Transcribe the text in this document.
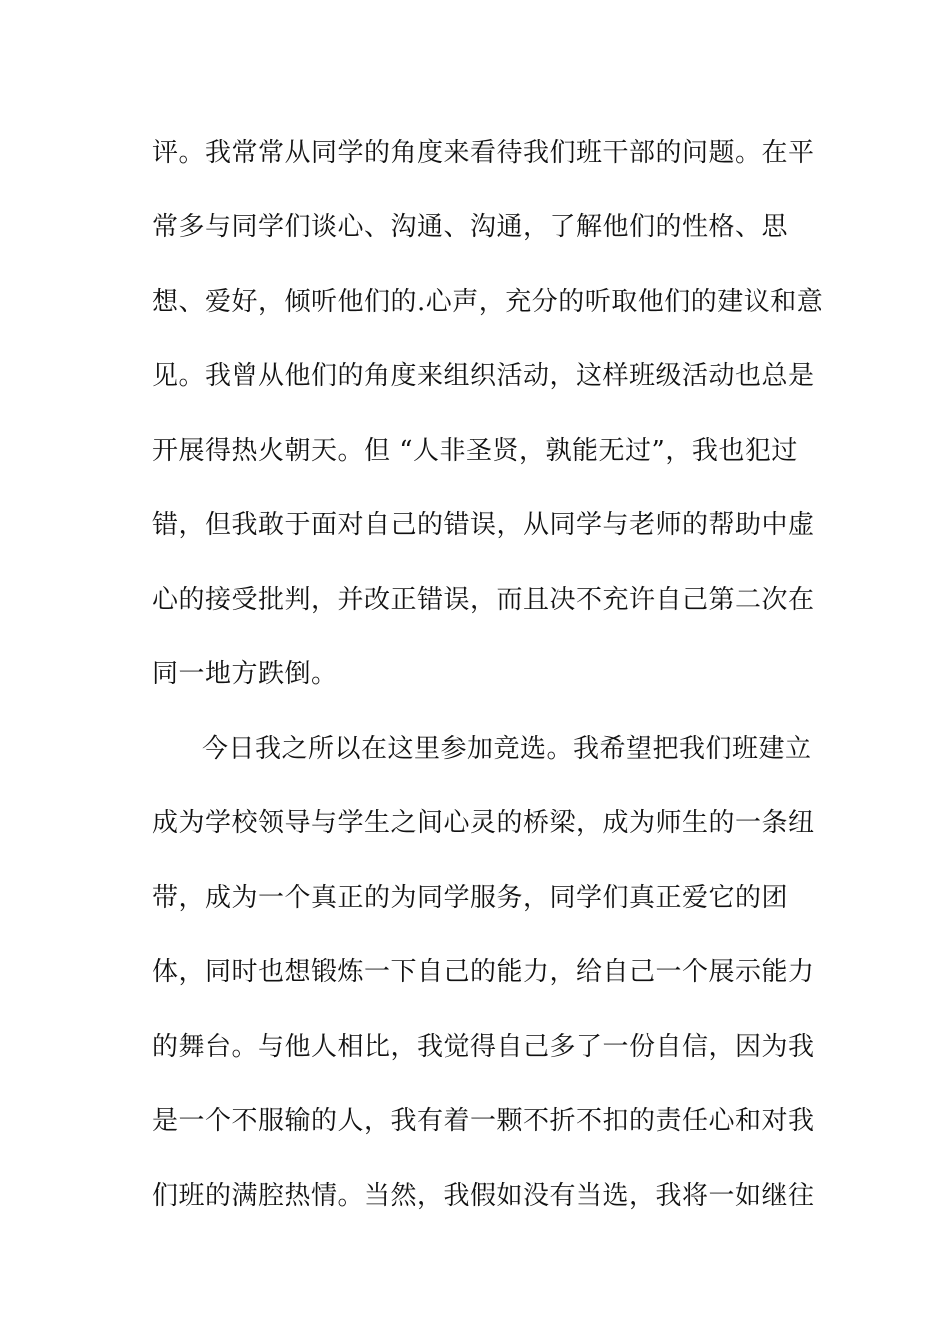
评。我常常从同学的角度来看待我们班干部的问题。在平
常多与同学们谈心、沟通、沟通，了解他们的性格、思
想、爱好，倾听他们的.心声，充分的听取他们的建议和意
见。我曾从他们的角度来组织活动，这样班级活动也总是
开展得热火朝天。但 “人非圣贤，孰能无过”，我也犯过
错，但我敢于面对自己的错误，从同学与老师的帮助中虚
心的接受批判，并改正错误，而且决不充许自己第二次在
同一地方跌倒。
今日我之所以在这里参加竞选。我希望把我们班建立
成为学校领导与学生之间心灵的桥梁，成为师生的一条纽
带，成为一个真正的为同学服务，同学们真正爱它的团
体，同时也想锻炼一下自己的能力，给自己一个展示能力
的舞台。与他人相比，我觉得自己多了一份自信，因为我
是一个不服输的人，我有着一颗不折不扣的责任心和对我
们班的满腔热情。当然，我假如没有当选，我将一如继往
